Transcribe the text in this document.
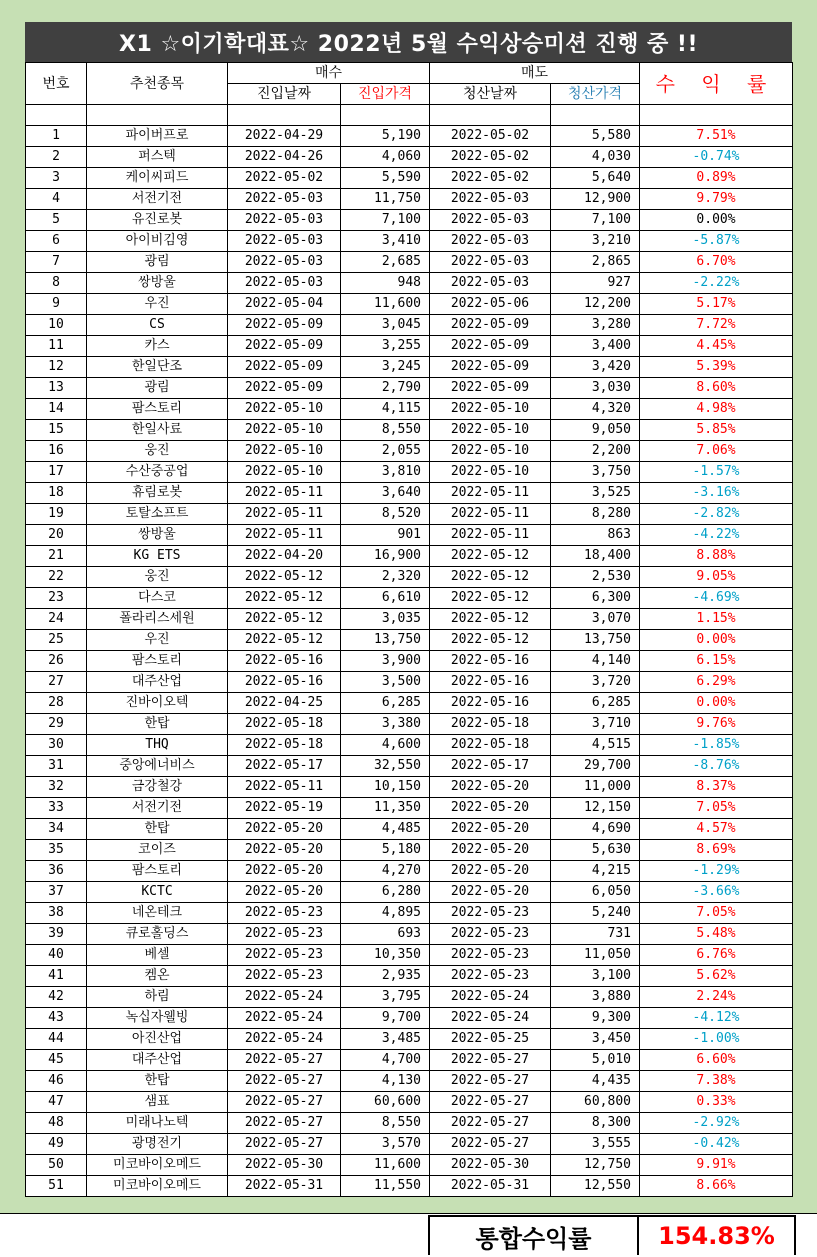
X1 ☆이기학대표☆ 2022년 5월 수익상승미션 진행 중 !!
번호	추천종목	매수		매도		수 익 률
		진입날짜	진입가격	청산날짜	청산가격	

1	파이버프로	2022-04-29	5,190	2022-05-02	5,580	7.51%
2	퍼스텍	2022-04-26	4,060	2022-05-02	4,030	-0.74%
3	케이씨피드	2022-05-02	5,590	2022-05-02	5,640	0.89%
4	서전기전	2022-05-03	11,750	2022-05-03	12,900	9.79%
5	유진로봇	2022-05-03	7,100	2022-05-03	7,100	0.00%
6	아이비김영	2022-05-03	3,410	2022-05-03	3,210	-5.87%
7	광림	2022-05-03	2,685	2022-05-03	2,865	6.70%
8	쌍방울	2022-05-03	948	2022-05-03	927	-2.22%
9	우진	2022-05-04	11,600	2022-05-06	12,200	5.17%
10	CS	2022-05-09	3,045	2022-05-09	3,280	7.72%
11	카스	2022-05-09	3,255	2022-05-09	3,400	4.45%
12	한일단조	2022-05-09	3,245	2022-05-09	3,420	5.39%
13	광림	2022-05-09	2,790	2022-05-09	3,030	8.60%
14	팜스토리	2022-05-10	4,115	2022-05-10	4,320	4.98%
15	한일사료	2022-05-10	8,550	2022-05-10	9,050	5.85%
16	웅진	2022-05-10	2,055	2022-05-10	2,200	7.06%
17	수산중공업	2022-05-10	3,810	2022-05-10	3,750	-1.57%
18	휴림로봇	2022-05-11	3,640	2022-05-11	3,525	-3.16%
19	토탈소프트	2022-05-11	8,520	2022-05-11	8,280	-2.82%
20	쌍방울	2022-05-11	901	2022-05-11	863	-4.22%
21	KG ETS	2022-04-20	16,900	2022-05-12	18,400	8.88%
22	웅진	2022-05-12	2,320	2022-05-12	2,530	9.05%
23	다스코	2022-05-12	6,610	2022-05-12	6,300	-4.69%
24	폴라리스세원	2022-05-12	3,035	2022-05-12	3,070	1.15%
25	우진	2022-05-12	13,750	2022-05-12	13,750	0.00%
26	팜스토리	2022-05-16	3,900	2022-05-16	4,140	6.15%
27	대주산업	2022-05-16	3,500	2022-05-16	3,720	6.29%
28	진바이오텍	2022-04-25	6,285	2022-05-16	6,285	0.00%
29	한탑	2022-05-18	3,380	2022-05-18	3,710	9.76%
30	THQ	2022-05-18	4,600	2022-05-18	4,515	-1.85%
31	중앙에너비스	2022-05-17	32,550	2022-05-17	29,700	-8.76%
32	금강철강	2022-05-11	10,150	2022-05-20	11,000	8.37%
33	서전기전	2022-05-19	11,350	2022-05-20	12,150	7.05%
34	한탑	2022-05-20	4,485	2022-05-20	4,690	4.57%
35	코이즈	2022-05-20	5,180	2022-05-20	5,630	8.69%
36	팜스토리	2022-05-20	4,270	2022-05-20	4,215	-1.29%
37	KCTC	2022-05-20	6,280	2022-05-20	6,050	-3.66%
38	네온테크	2022-05-23	4,895	2022-05-23	5,240	7.05%
39	큐로홀딩스	2022-05-23	693	2022-05-23	731	5.48%
40	베셀	2022-05-23	10,350	2022-05-23	11,050	6.76%
41	켐온	2022-05-23	2,935	2022-05-23	3,100	5.62%
42	하림	2022-05-24	3,795	2022-05-24	3,880	2.24%
43	녹십자웰빙	2022-05-24	9,700	2022-05-24	9,300	-4.12%
44	아진산업	2022-05-24	3,485	2022-05-25	3,450	-1.00%
45	대주산업	2022-05-27	4,700	2022-05-27	5,010	6.60%
46	한탑	2022-05-27	4,130	2022-05-27	4,435	7.38%
47	샘표	2022-05-27	60,600	2022-05-27	60,800	0.33%
48	미래나노텍	2022-05-27	8,550	2022-05-27	8,300	-2.92%
49	광명전기	2022-05-27	3,570	2022-05-27	3,555	-0.42%
50	미코바이오메드	2022-05-30	11,600	2022-05-30	12,750	9.91%
51	미코바이오메드	2022-05-31	11,550	2022-05-31	12,550	8.66%
통합수익률	154.83%
